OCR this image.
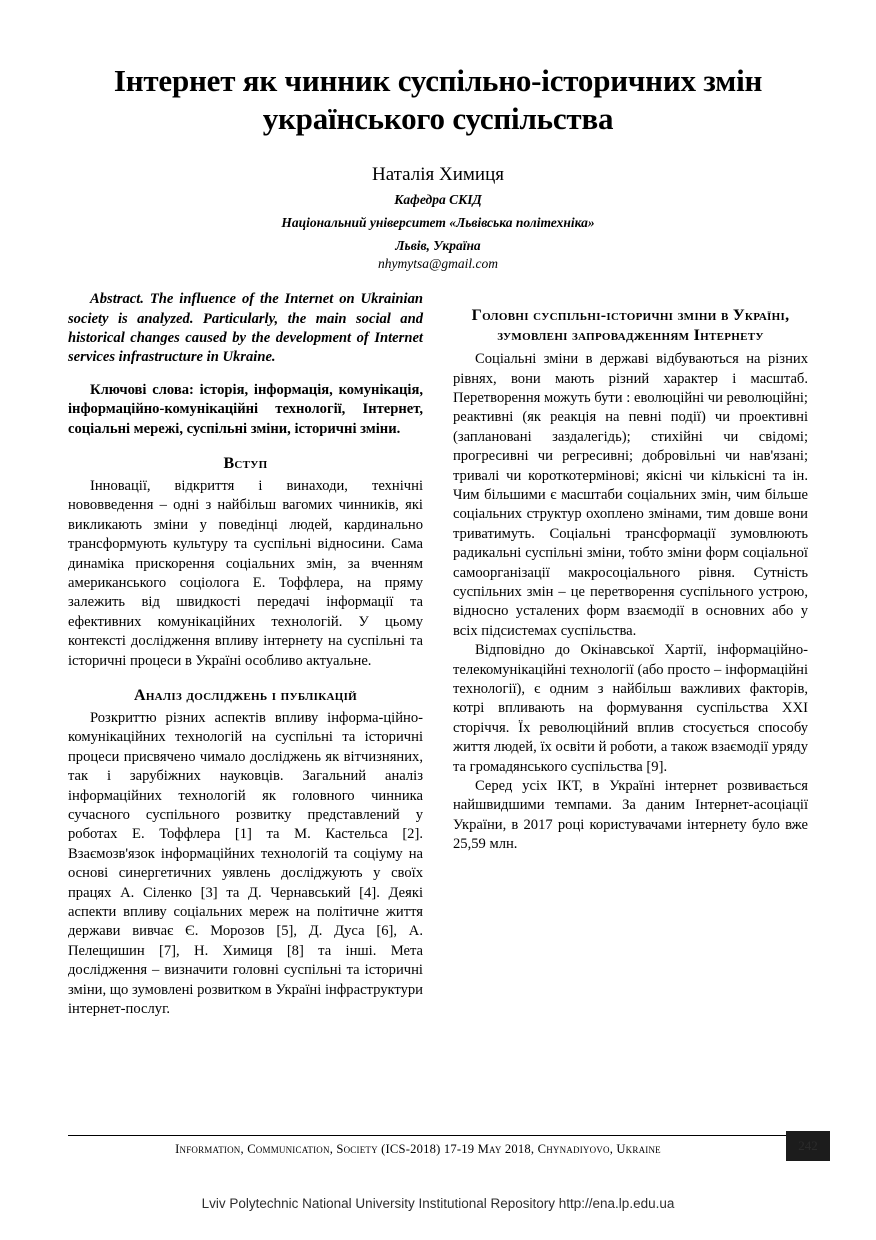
Інтернет як чинник суспільно-історичних змін українського суспільства
Наталія Химиця
Кафедра СКІД
Національний університет «Львівська політехніка»
Львів, Україна
nhymytsa@gmail.com

Abstract. The influence of the Internet on Ukrainian society is analyzed. Particularly, the main social and historical changes caused by the development of Internet services infrastructure in Ukraine.

Ключові слова: історія, інформація, комунікація, інформаційно-комунікаційні технології, Інтернет, соціальні мережі, суспільні зміни, історичні зміни.

Вступ

Інновації, відкриття і винаходи, технічні нововведення – одні з найбільш вагомих чинників, які викликають зміни у поведінці людей, кардинально трансформують культуру та суспільні відносини. Сама динаміка прискорення соціальних змін, за вченням американського соціолога Е. Тоффлера, на пряму залежить від швидкості передачі інформації та ефективних комунікаційних технологій. У цьому контексті дослідження впливу інтернету на суспільні та історичні процеси в Україні особливо актуальне.

Аналіз досліджень і публікацій

Розкриттю різних аспектів впливу інформа-ційно-комунікаційних технологій на суспільні та історичні процеси присвячено чимало досліджень як вітчизняних, так і зарубіжних науковців. Загальний аналіз інформаційних технологій як головного чинника сучасного суспільного розвитку представлений у роботах Е. Тоффлера [1] та М. Кастельса [2]. Взаємозв'язок інформаційних технологій та соціуму на основі синергетичних уявлень досліджують у своїх працях А. Сіленко [3] та Д. Чернавський [4]. Деякі аспекти впливу соціальних мереж на політичне життя держави вивчає Є. Морозов [5], Д. Дуса [6], А. Пелещишин [7], Н. Химиця [8] та інші. Мета дослідження – визначити головні суспільні та історичні зміни, що зумовлені розвитком в Україні інфраструктури інтернет-послуг.

Головні суспільні-історичні зміни в Україні, зумовлені запровадженням Інтернету

Соціальні зміни в державі відбуваються на різних рівнях, вони мають різний характер і масштаб. Перетворення можуть бути : еволюційні чи революційні; реактивні (як реакція на певні події) чи проективні (заплановані заздалегідь); стихійні чи свідомі; прогресивні чи регресивні; добровільні чи нав'язані; тривалі чи короткотермінові; якісні чи кількісні та ін. Чим більшими є масштаби соціальних змін, чим більше соціальних структур охоплено змінами, тим довше вони триватимуть. Соціальні трансформації зумовлюють радикальні суспільні зміни, тобто зміни форм соціальної самоорганізації макросоціального рівня. Сутність суспільних змін – це перетворення суспільного устрою, відносно усталених форм взаємодії в основних або у всіх підсистемах суспільства.

Відповідно до Окінавської Хартії, інформаційно-телекомунікаційні технології (або просто – інформаційні технології), є одним з найбільш важливих факторів, котрі впливають на формування суспільства ХХІ сторіччя. Їх революційний вплив стосується способу життя людей, їх освіти й роботи, а також взаємодії уряду та громадянського суспільства [9].

Серед усіх ІКТ, в Україні інтернет розвивається найшвидшими темпами. За даним Інтернет-асоціації України, в 2017 році користувачами інтернету було вже 25,59 млн.

Information, Communication, Society (ICS-2018) 17-19 May 2018, Chynadiyovo, Ukraine	242
Lviv Polytechnic National University Institutional Repository http://ena.lp.edu.ua
